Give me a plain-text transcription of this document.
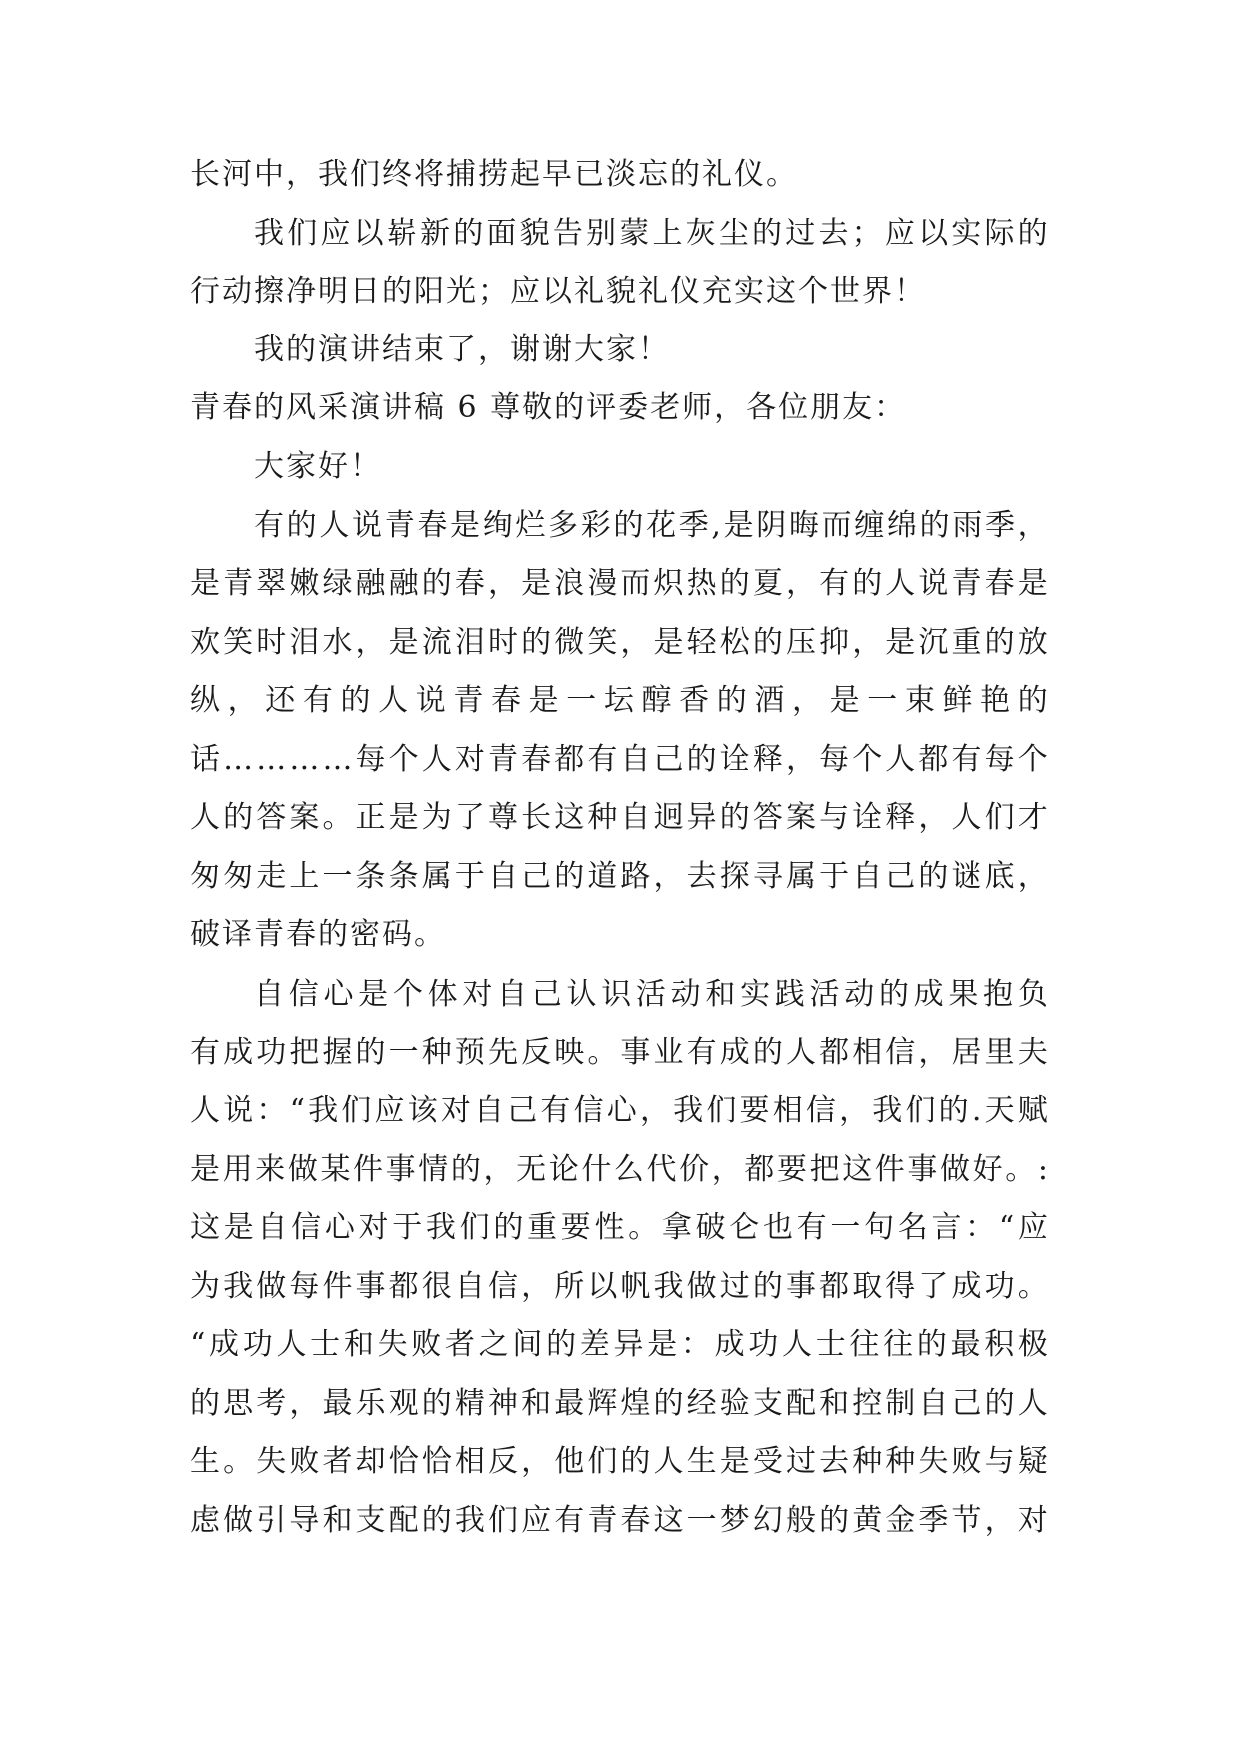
长河中，我们终将捕捞起早已淡忘的礼仪。
我 们 应 以 崭 新 的 面 貌 告 别 蒙 上 灰 尘 的 过 去 ； 应 以 实 际 的
行动擦净明日的阳光；应以礼貌礼仪充实这个世界！
我的演讲结束了，谢谢大家！
青春的风采演讲稿 6 尊敬的评委老师，各位朋友：
大家好！
有 的 人 说 青 春 是 绚 烂 多 彩 的 花 季 , 是 阴 晦 而 缠 绵 的 雨 季 ，
是 青 翠 嫩 绿 融 融 的 春 ， 是 浪 漫 而 炽 热 的 夏 ， 有 的 人 说 青 春 是
欢 笑 时 泪 水 ， 是 流 泪 时 的 微 笑 ， 是 轻 松 的 压 抑 ， 是 沉 重 的 放
纵 ， 还 有 的 人 说 青 春 是 一 坛 醇 香 的 酒 ， 是 一 束 鲜 艳 的
话 … … … … 每 个 人 对 青 春 都 有 自 己 的 诠 释 ， 每 个 人 都 有 每 个
人 的 答 案 。 正 是 为 了 尊 长 这 种 自 迥 异 的 答 案 与 诠 释 ， 人 们 才
匆 匆 走 上 一 条 条 属 于 自 己 的 道 路 ， 去 探 寻 属 于 自 己 的 谜 底 ，
破译青春的密码。
自 信 心 是 个 体 对 自 己 认 识 活 动 和 实 践 活 动 的 成 果 抱 负
有 成 功 把 握 的 一 种 预 先 反 映 。 事 业 有 成 的 人 都 相 信 ， 居 里 夫
人 说 ： “ 我 们 应 该 对 自 己 有 信 心 ， 我 们 要 相 信 ， 我 们 的 . 天 赋
是 用 来 做 某 件 事 情 的 ， 无 论 什 么 代 价 ， 都 要 把 这 件 事 做 好 。 :
这 是 自 信 心 对 于 我 们 的 重 要 性 。 拿 破 仑 也 有 一 句 名 言 ： “ 应
为 我 做 每 件 事 都 很 自 信 ， 所 以 帆 我 做 过 的 事 都 取 得 了 成 功 。
“ 成 功 人 士 和 失 败 者 之 间 的 差 异 是 ： 成 功 人 士 往 往 的 最 积 极
的 思 考 ， 最 乐 观 的 精 神 和 最 辉 煌 的 经 验 支 配 和 控 制 自 己 的 人
生 。 失 败 者 却 恰 恰 相 反 ， 他 们 的 人 生 是 受 过 去 种 种 失 败 与 疑
虑 做 引 导 和 支 配 的 我 们 应 有 青 春 这 一 梦 幻 般 的 黄 金 季 节 ， 对
